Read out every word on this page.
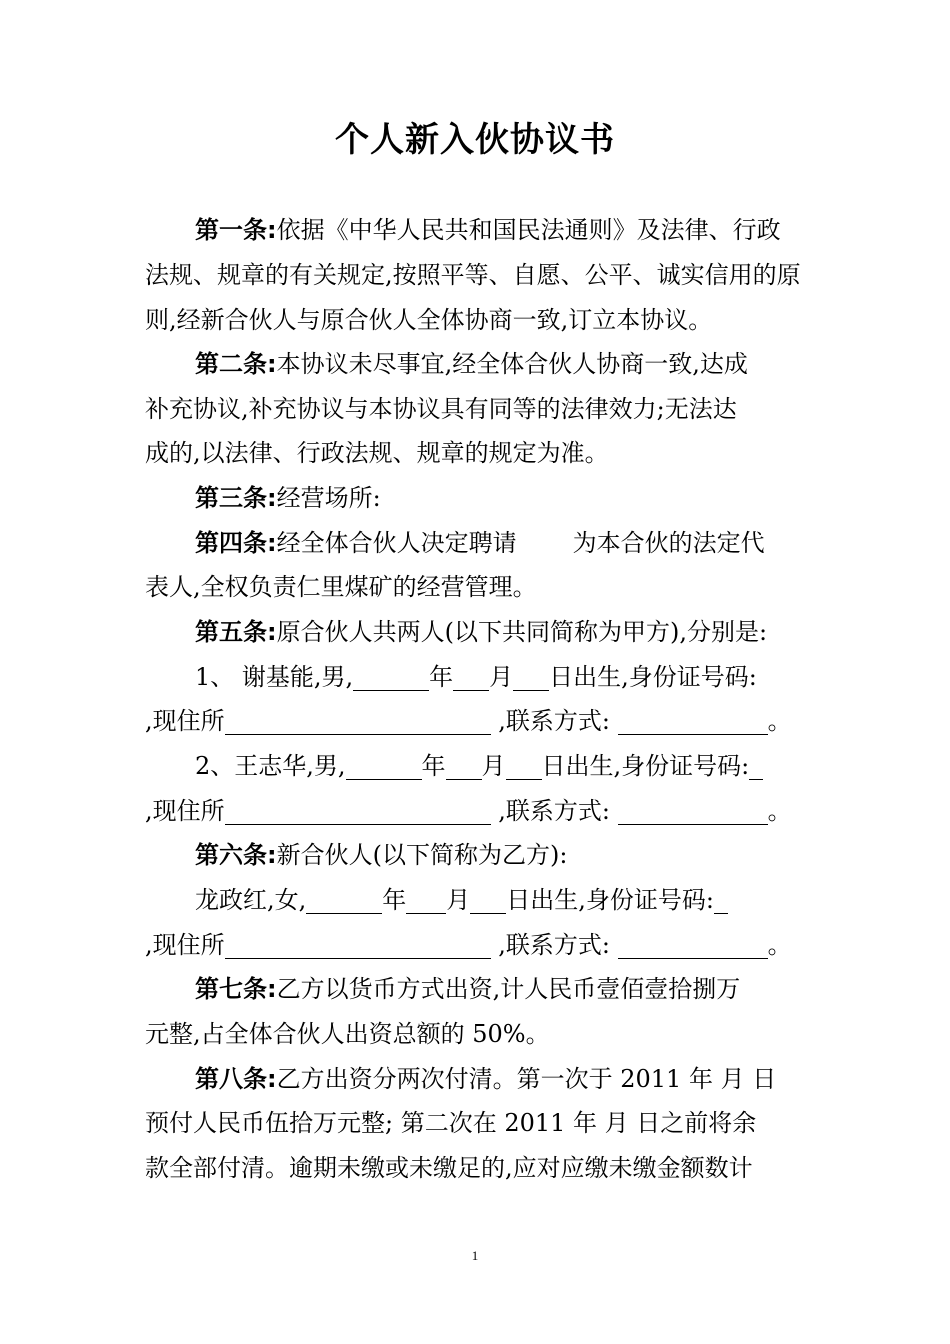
个人新入伙协议书
第一条:依据《中华人民共和国民法通则》及法律、行政
法规、规章的有关规定,按照平等、自愿、公平、诚实信用的原
则,经新合伙人与原合伙人全体协商一致,订立本协议。
第二条:本协议未尽事宜,经全体合伙人协商一致,达成
补充协议,补充协议与本协议具有同等的法律效力;无法达
成的,以法律、行政法规、规章的规定为准。
第三条:经营场所:
第四条:经全体合伙人决定聘请 为本合伙的法定代
表人,全权负责仁里煤矿的经营管理。
第五条:原合伙人共两人(以下共同简称为甲方),分别是:
1、 谢基能,男,	年 月 日出生,身份证号码:
,现住所	,联系方式:	。
2、王志华,男,	年 月 日出生,身份证号码:
,现住所	,联系方式:	。
第六条:新合伙人(以下简称为乙方):
龙政红,女,	年 月 日出生,身份证号码:
,现住所	,联系方式:	。
第七条:乙方以货币方式出资,计人民币壹佰壹拾捌万
元整,占全体合伙人出资总额的 50%。
第八条:乙方出资分两次付清。第一次于 2011 年 月 日
预付人民币伍拾万元整; 第二次在 2011 年 月 日之前将余
款全部付清。逾期未缴或未缴足的,应对应缴未缴金额数计
1
